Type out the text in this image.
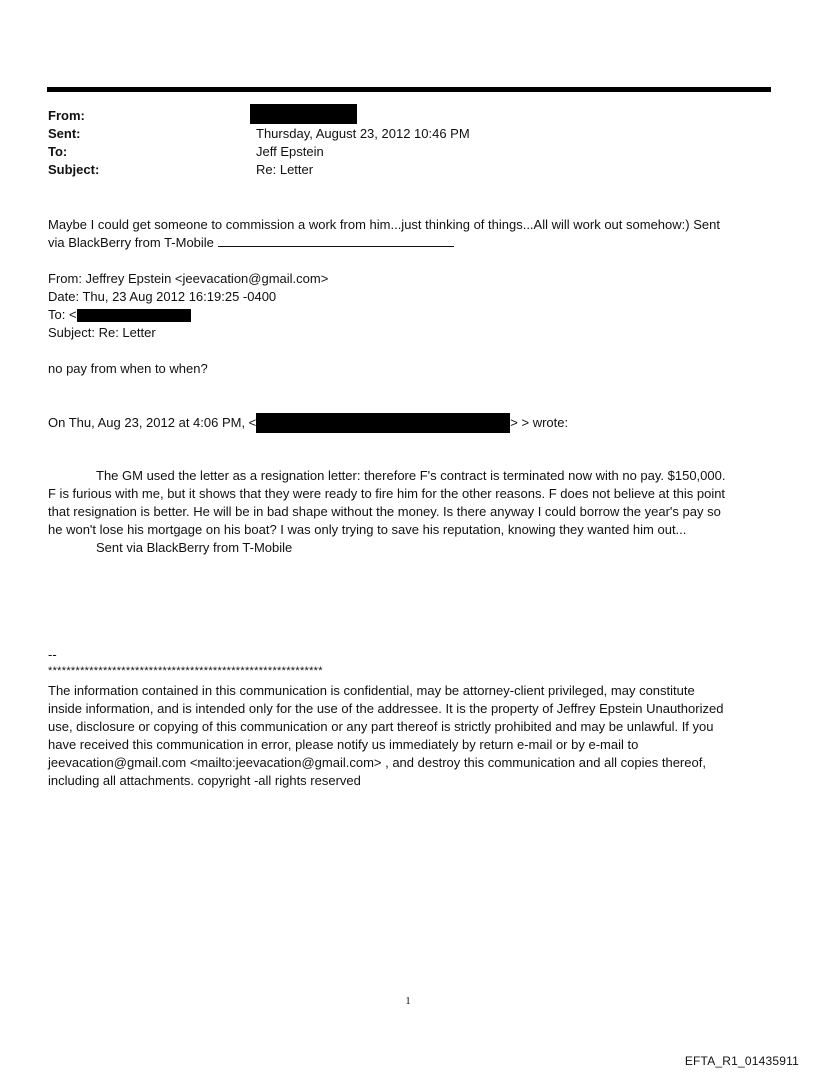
From:
Sent:	Thursday, August 23, 2012 10:46 PM
To:	Jeff Epstein
Subject:	Re: Letter
Maybe I could get someone to commission a work from him...just thinking of things...All will work out somehow:) Sent
via BlackBerry from T-Mobile
From: Jeffrey Epstein <jeevacation@gmail.com>
Date: Thu, 23 Aug 2012 16:19:25 -0400
To: <
Subject: Re: Letter
no pay from when to when?
On Thu, Aug 23, 2012 at 4:06 PM, <	> > wrote:
The GM used the letter as a resignation letter: therefore F's contract is terminated now with no pay. $150,000.
F is furious with me, but it shows that they were ready to fire him for the other reasons. F does not believe at this point
that resignation is better. He will be in bad shape without the money. Is there anyway I could borrow the year's pay so
he won't lose his mortgage on his boat? I was only trying to save his reputation, knowing they wanted him out...
Sent via BlackBerry from T-Mobile
--
************************************************************
The information contained in this communication is confidential, may be attorney-client privileged, may constitute
inside information, and is intended only for the use of the addressee. It is the property of Jeffrey Epstein Unauthorized
use, disclosure or copying of this communication or any part thereof is strictly prohibited and may be unlawful. If you
have received this communication in error, please notify us immediately by return e-mail or by e-mail to
jeevacation@gmail.com <mailto:jeevacation@gmail.com> , and destroy this communication and all copies thereof,
including all attachments. copyright -all rights reserved
1
EFTA_R1_01435911
